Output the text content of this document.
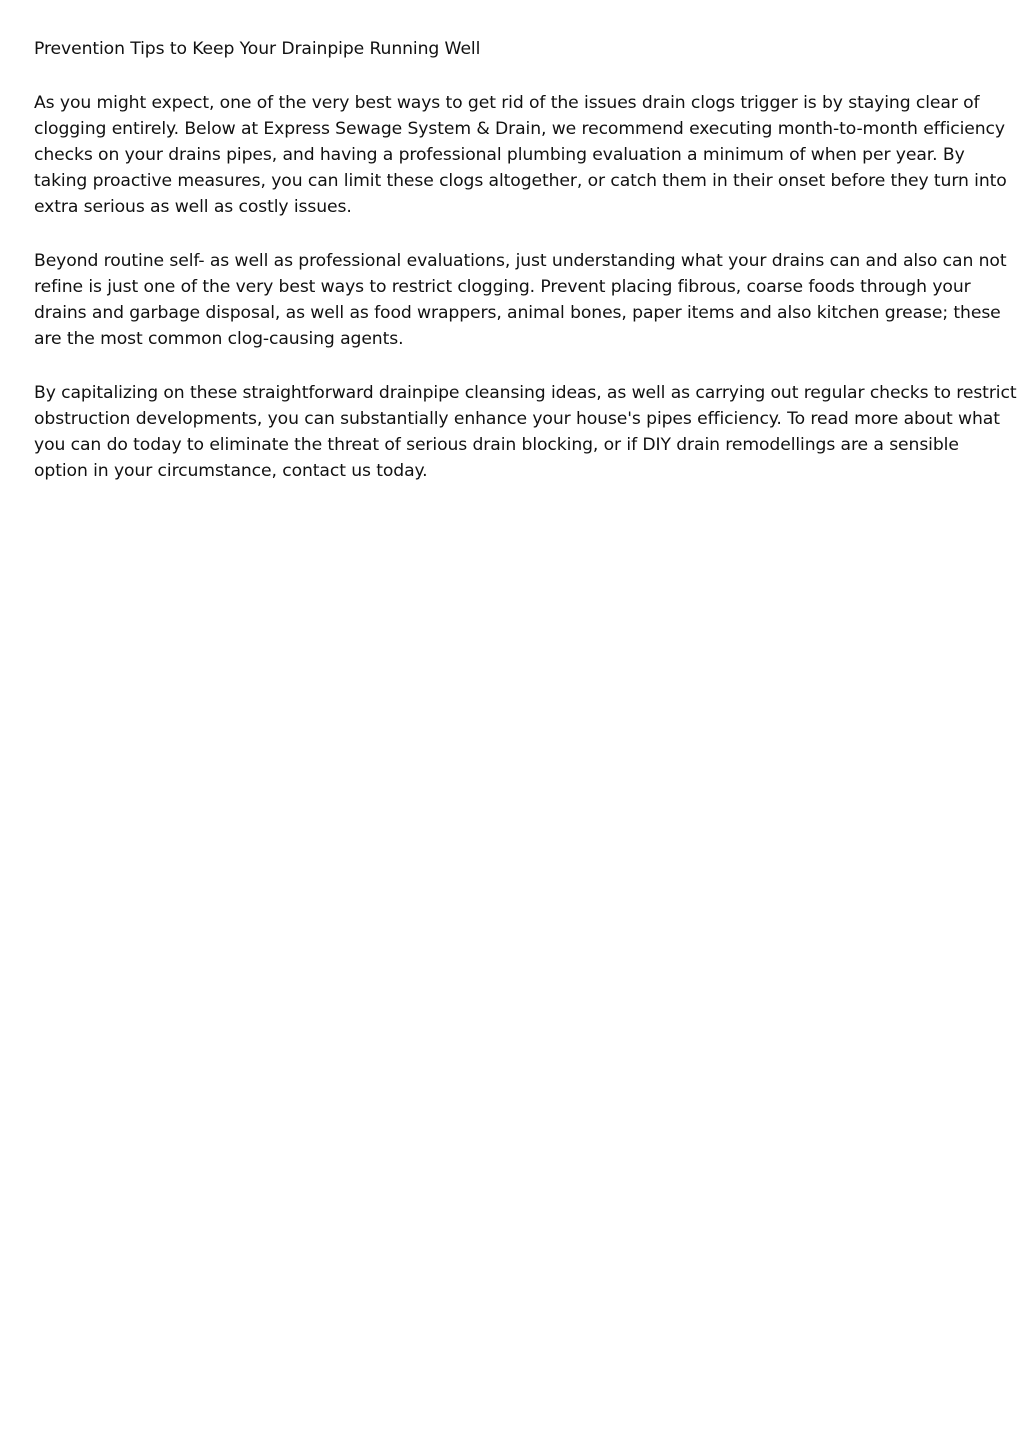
Prevention Tips to Keep Your Drainpipe Running Well

As you might expect, one of the very best ways to get rid of the issues drain clogs trigger is by staying clear of
clogging entirely. Below at Express Sewage System & Drain, we recommend executing month-to-month efficiency
checks on your drains pipes, and having a professional plumbing evaluation a minimum of when per year. By
taking proactive measures, you can limit these clogs altogether, or catch them in their onset before they turn into
extra serious as well as costly issues.

Beyond routine self- as well as professional evaluations, just understanding what your drains can and also can not
refine is just one of the very best ways to restrict clogging. Prevent placing fibrous, coarse foods through your
drains and garbage disposal, as well as food wrappers, animal bones, paper items and also kitchen grease; these
are the most common clog-causing agents.

By capitalizing on these straightforward drainpipe cleansing ideas, as well as carrying out regular checks to restrict
obstruction developments, you can substantially enhance your house's pipes efficiency. To read more about what
you can do today to eliminate the threat of serious drain blocking, or if DIY drain remodellings are a sensible
option in your circumstance, contact us today.
